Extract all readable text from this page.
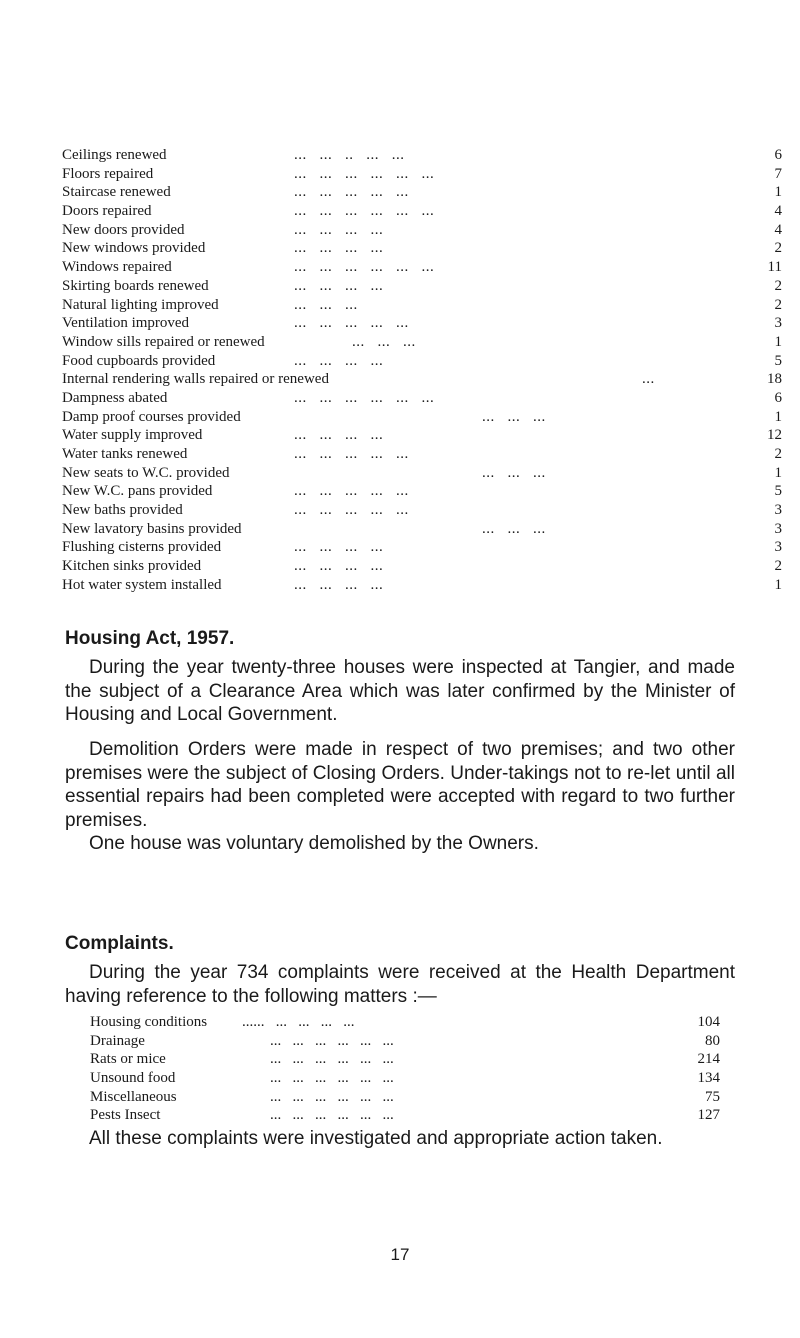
Ceilings renewed	...   ...   ..   ...   ...	6
Floors repaired	...   ...   ...   ...   ...   ...	7
Staircase renewed	...   ...   ...   ...   ...	1
Doors repaired	...   ...   ...   ...   ...   ...	4
New doors provided	...   ...   ...   ...	4
New windows provided	...   ...   ...   ...	2
Windows repaired	...   ...   ...   ...   ...   ...	11
Skirting boards renewed	...   ...   ...   ...	2
Natural lighting improved	...   ...   ...	2
Ventilation improved	...   ...   ...   ...   ...	3
Window sills repaired or renewed	...   ...   ...	1
Food cupboards provided	...   ...   ...   ...	5
Internal rendering walls repaired or renewed	...	18
Dampness abated	...   ...   ...   ...   ...   ...	6
Damp proof courses provided	...   ...   ...	1
Water supply improved	...   ...   ...   ...	12
Water tanks renewed	...   ...   ...   ...   ...	2
New seats to W.C. provided	...   ...   ...	1
New W.C. pans provided	...   ...   ...   ...   ...	5
New baths provided	...   ...   ...   ...   ...	3
New lavatory basins provided	...   ...   ...	3
Flushing cisterns provided	...   ...   ...   ...	3
Kitchen sinks provided	...   ...   ...   ...	2
Hot water system installed	...   ...   ...   ...	1
Housing Act, 1957.

During the year twenty-three houses were inspected at Tangier, and made the subject of a Clearance Area which was later confirmed by the Minister of Housing and Local Government.

Demolition Orders were made in respect of two premises; and two other premises were the subject of Closing Orders. Under-takings not to re-let until all essential repairs had been completed were accepted with regard to two further premises.

One house was voluntary demolished by the Owners.

Complaints.

During the year 734 complaints were received at the Health Department having reference to the following matters :—

Housing conditions ......   ...   ...   ...   ...	104
Drainage	...   ...   ...   ...   ...   ...	80
Rats or mice	...   ...   ...   ...   ...   ...	214
Unsound food	...   ...   ...   ...   ...   ...	134
Miscellaneous	...   ...   ...   ...   ...   ...	75
Pests Insect	...   ...   ...   ...   ...   ...	127

All these complaints were investigated and appropriate action taken.

17
